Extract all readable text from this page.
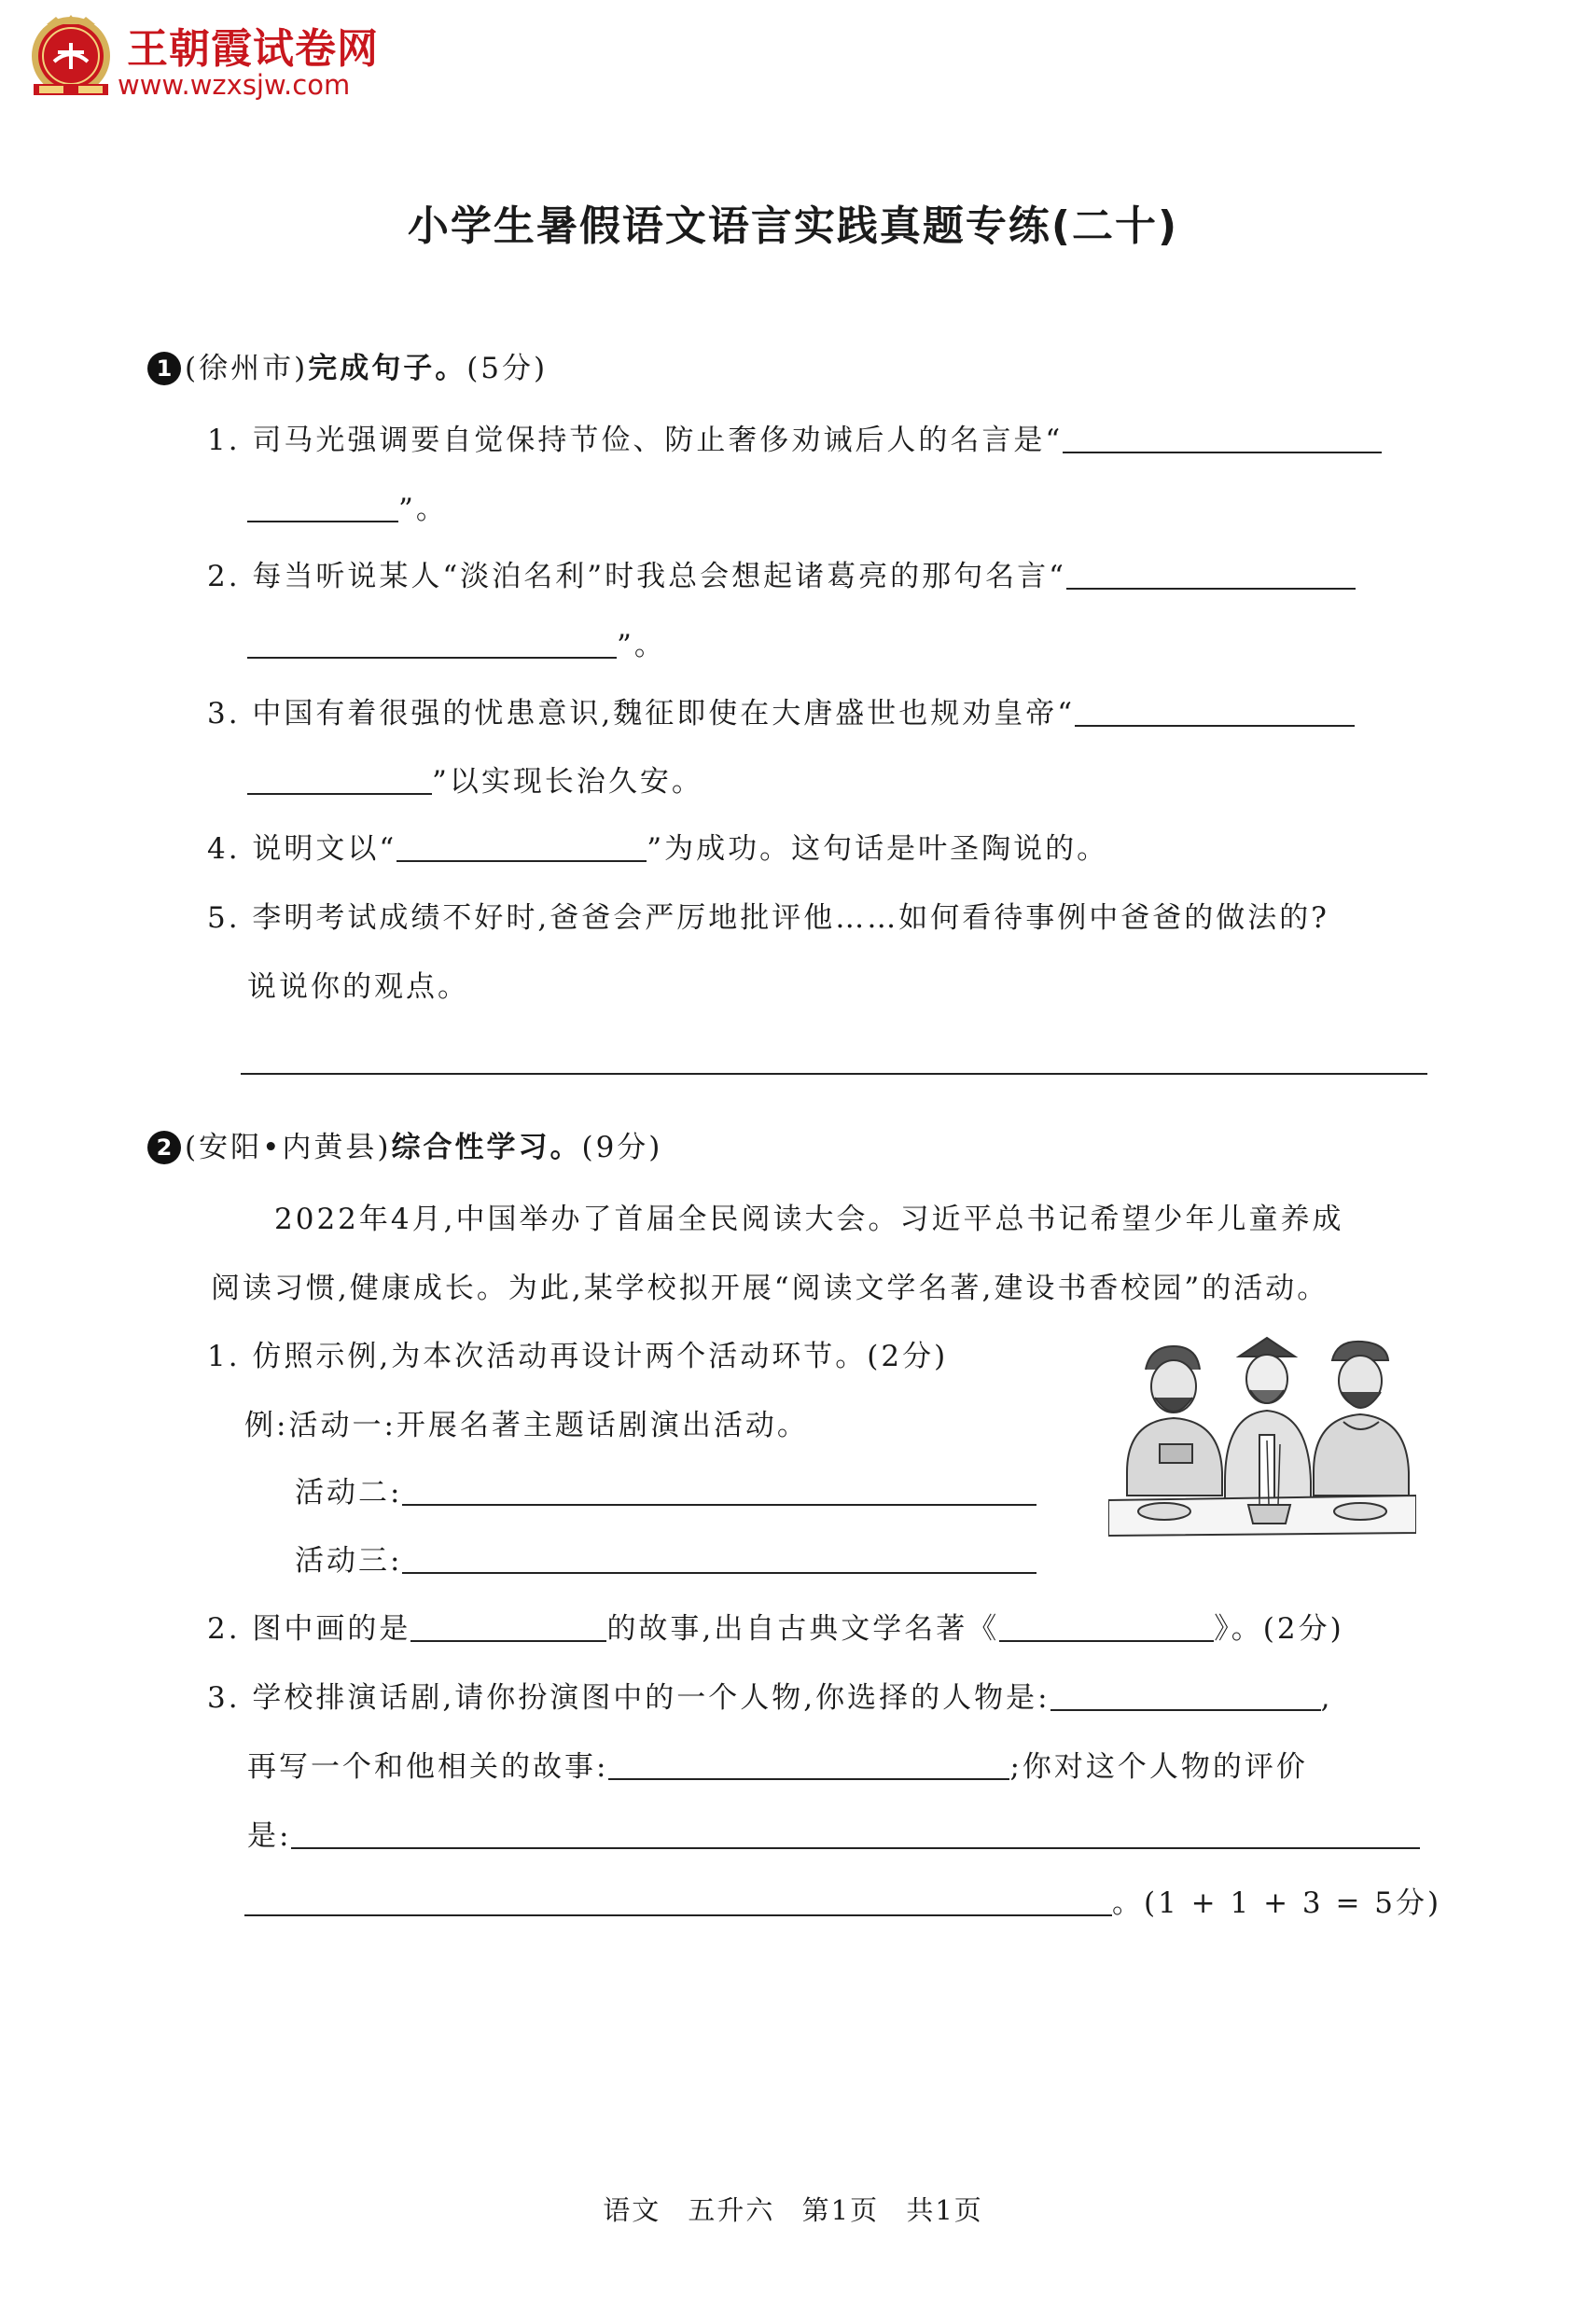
王朝霞试卷网
www.wzxsjw.com
小学生暑假语文语言实践真题专练(二十)
1 (徐州市)完成句子。(5分)
1. 司马光强调要自觉保持节俭、防止奢侈劝诫后人的名言是“
”。
2. 每当听说某人“淡泊名利”时我总会想起诸葛亮的那句名言“
”。
3. 中国有着很强的忧患意识,魏征即使在大唐盛世也规劝皇帝“
”以实现长治久安。
4. 说明文以“	”为成功。这句话是叶圣陶说的。
5. 李明考试成绩不好时,爸爸会严厉地批评他……如何看待事例中爸爸的做法的?
说说你的观点。
2 (安阳•内黄县)综合性学习。(9分)
2022年4月,中国举办了首届全民阅读大会。习近平总书记希望少年儿童养成
阅读习惯,健康成长。为此,某学校拟开展“阅读文学名著,建设书香校园”的活动。
1. 仿照示例,为本次活动再设计两个活动环节。(2分)
例:活动一:开展名著主题话剧演出活动。
活动二:
活动三:
2. 图中画的是	的故事,出自古典文学名著《	》。(2分)
3. 学校排演话剧,请你扮演图中的一个人物,你选择的人物是:	,
再写一个和他相关的故事:	;你对这个人物的评价
是:
。(1 + 1 + 3 = 5分)
语文 五升六 第1页 共1页
